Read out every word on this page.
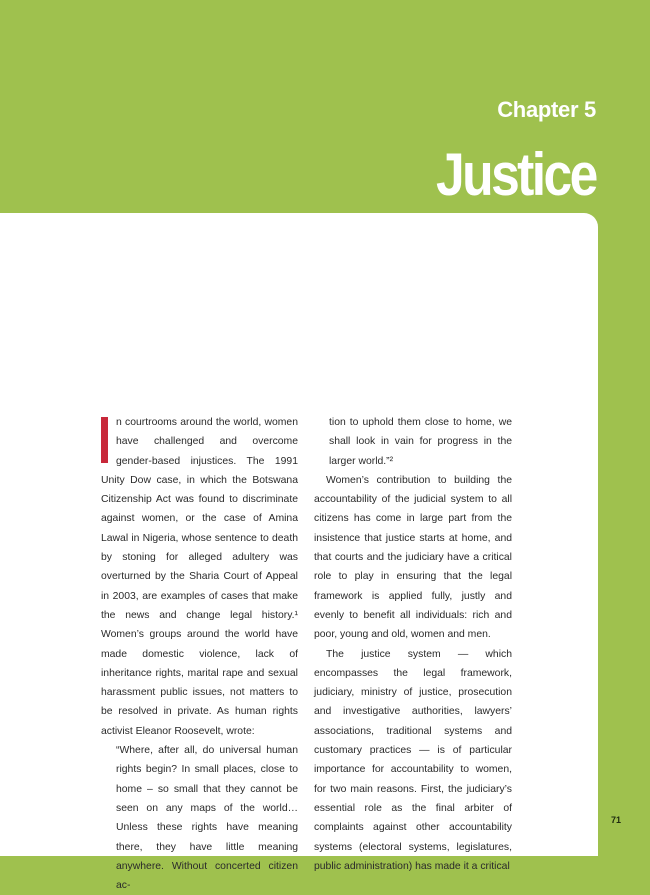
Chapter 5
Justice

n courtrooms around the world, women have challenged and overcome gender-based injustices. The 1991 Unity Dow case, in which the Botswana Citizenship Act was found to discriminate against women, or the case of Amina Lawal in Nigeria, whose sentence to death by stoning for alleged adultery was overturned by the Sharia Court of Appeal in 2003, are examples of cases that make the news and change legal history.¹ Women’s groups around the world have made domestic violence, lack of inheritance rights, marital rape and sexual harassment public issues, not matters to be resolved in private. As human rights activist Eleanor Roosevelt, wrote:

“Where, after all, do universal human rights begin? In small places, close to home – so small that they cannot be seen on any maps of the world… Unless these rights have meaning there, they have little meaning anywhere. Without concerted citizen ac-

tion to uphold them close to home, we shall look in vain for progress in the larger world.”²

Women’s contribution to building the accountability of the judicial system to all citizens has come in large part from the insistence that justice starts at home, and that courts and the judiciary have a critical role to play in ensuring that the legal framework is applied fully, justly and evenly to benefit all individuals: rich and poor, young and old, women and men.

The justice system — which encompasses the legal framework, judiciary, ministry of justice, prosecution and investigative authorities, lawyers’ associations, traditional systems and customary practices — is of particular importance for accountability to women, for two main reasons. First, the judiciary’s essential role as the final arbiter of complaints against other accountability systems (electoral systems, legislatures, public administration) has made it a critical

71
